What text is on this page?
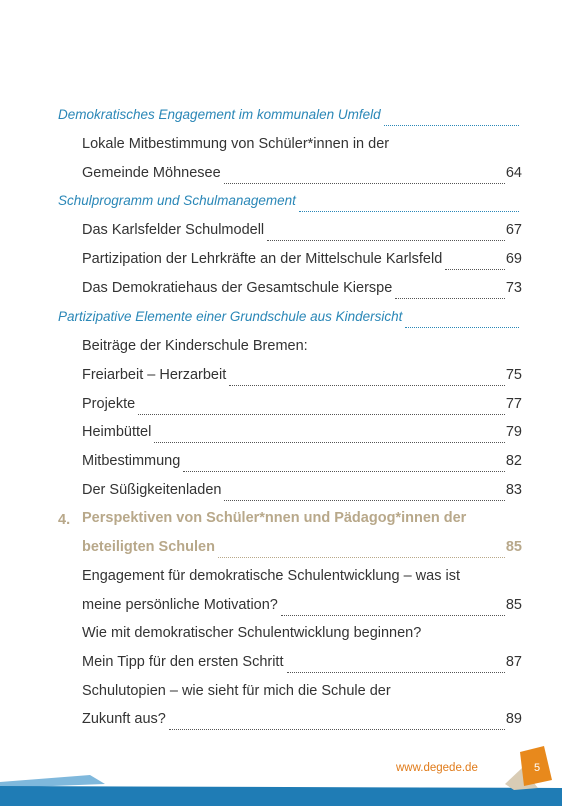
Demokratisches Engagement im kommunalen Umfeld
Lokale Mitbestimmung von Schüler*innen in der
Gemeinde Möhnesee	64
Schulprogramm und Schulmanagement
Das Karlsfelder Schulmodell	67
Partizipation der Lehrkräfte an der Mittelschule Karlsfeld	69
Das Demokratiehaus der Gesamtschule Kierspe	73
Partizipative Elemente einer Grundschule aus Kindersicht
Beiträge der Kinderschule Bremen:
Freiarbeit – Herzarbeit	75
Projekte	77
Heimbüttel	79
Mitbestimmung	82
Der Süßigkeitenladen	83
4. Perspektiven von Schüler*nnen und Pädagog*innen der
beteiligten Schulen	85
Engagement für demokratische Schulentwicklung – was ist
meine persönliche Motivation?	85
Wie mit demokratischer Schulentwicklung beginnen?
Mein Tipp für den ersten Schritt	87
Schulutopien – wie sieht für mich die Schule der
Zukunft aus?	89
www.degede.de	5
